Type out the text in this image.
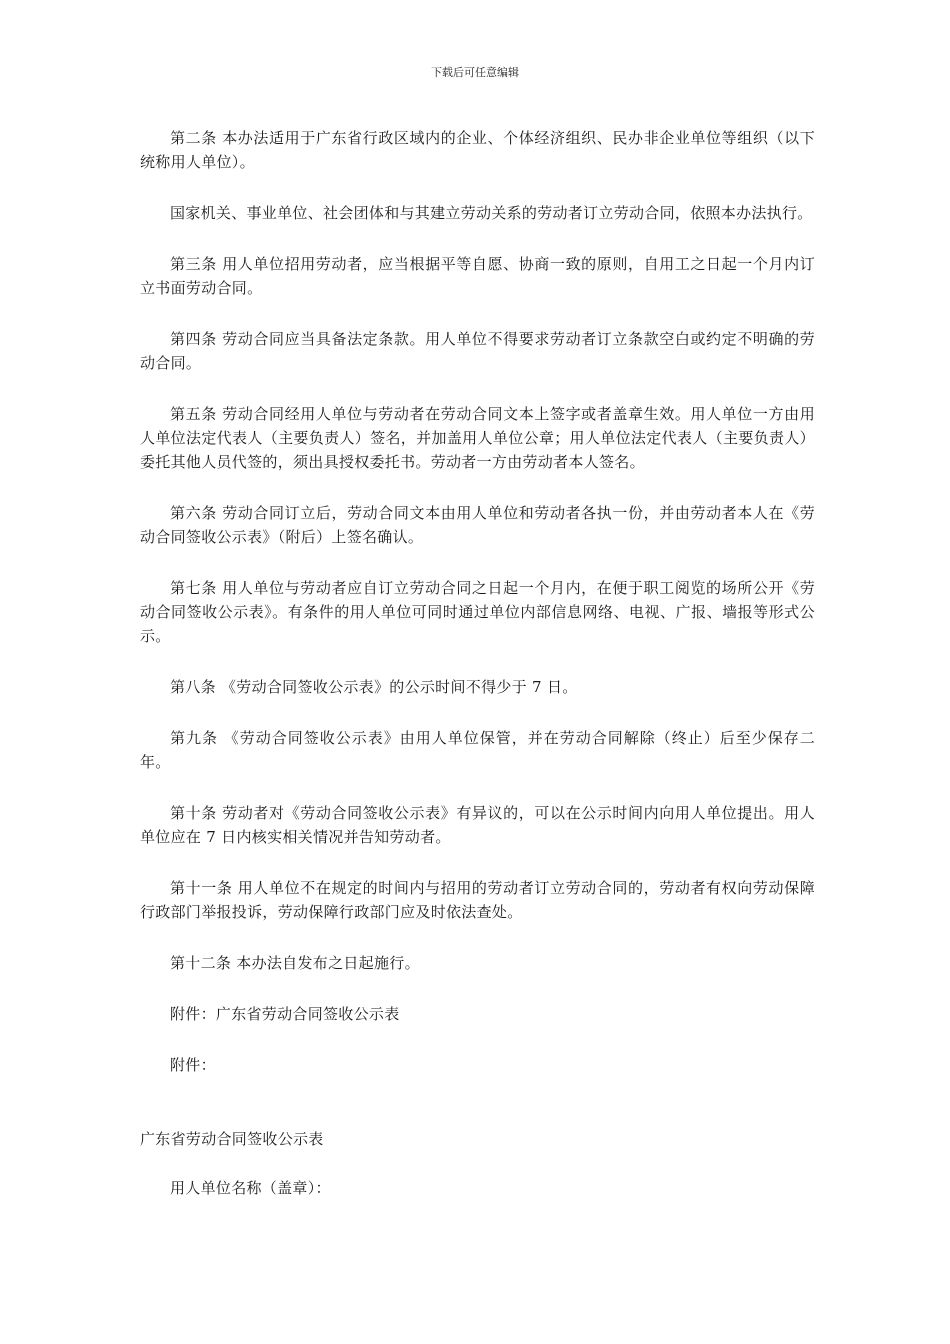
下载后可任意编辑

第二条 本办法适用于广东省行政区域内的企业、个体经济组织、民办非企业单位等组织（以下统称用人单位）。

国家机关、事业单位、社会团体和与其建立劳动关系的劳动者订立劳动合同，依照本办法执行。

第三条 用人单位招用劳动者，应当根据平等自愿、协商一致的原则，自用工之日起一个月内订立书面劳动合同。

第四条 劳动合同应当具备法定条款。用人单位不得要求劳动者订立条款空白或约定不明确的劳动合同。

第五条 劳动合同经用人单位与劳动者在劳动合同文本上签字或者盖章生效。用人单位一方由用人单位法定代表人（主要负责人）签名，并加盖用人单位公章；用人单位法定代表人（主要负责人）委托其他人员代签的，须出具授权委托书。劳动者一方由劳动者本人签名。

第六条 劳动合同订立后，劳动合同文本由用人单位和劳动者各执一份，并由劳动者本人在《劳动合同签收公示表》（附后）上签名确认。

第七条 用人单位与劳动者应自订立劳动合同之日起一个月内，在便于职工阅览的场所公开《劳动合同签收公示表》。有条件的用人单位可同时通过单位内部信息网络、电视、广报、墙报等形式公示。

第八条 《劳动合同签收公示表》的公示时间不得少于 7 日。

第九条 《劳动合同签收公示表》由用人单位保管，并在劳动合同解除（终止）后至少保存二年。

第十条 劳动者对《劳动合同签收公示表》有异议的，可以在公示时间内向用人单位提出。用人单位应在 7 日内核实相关情况并告知劳动者。

第十一条 用人单位不在规定的时间内与招用的劳动者订立劳动合同的，劳动者有权向劳动保障行政部门举报投诉，劳动保障行政部门应及时依法查处。

第十二条 本办法自发布之日起施行。

附件：广东省劳动合同签收公示表

附件：

广东省劳动合同签收公示表

用人单位名称（盖章）：
